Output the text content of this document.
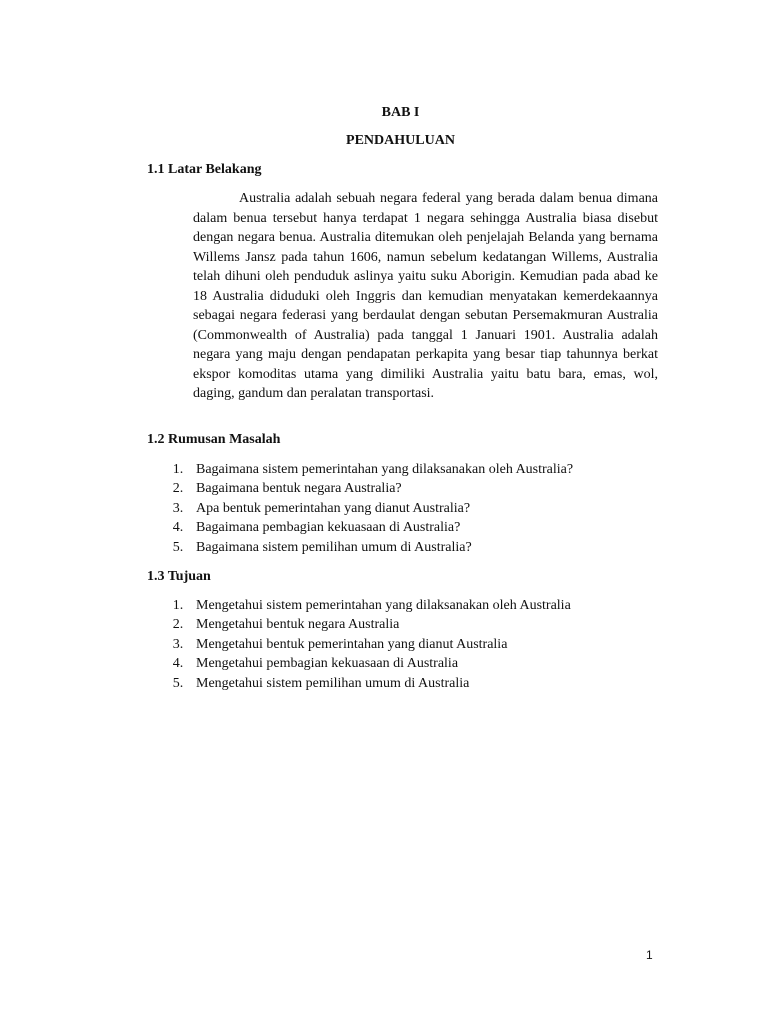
BAB I
PENDAHULUAN
1.1 Latar Belakang

Australia adalah sebuah negara federal yang berada dalam benua dimana dalam benua tersebut hanya terdapat 1 negara sehingga Australia biasa disebut dengan negara benua. Australia ditemukan oleh penjelajah Belanda yang bernama Willems Jansz pada tahun 1606, namun sebelum kedatangan Willems, Australia telah dihuni oleh penduduk aslinya yaitu suku Aborigin. Kemudian pada abad ke 18 Australia diduduki oleh Inggris dan kemudian menyatakan kemerdekaannya sebagai negara federasi yang berdaulat dengan sebutan Persemakmuran Australia (Commonwealth of Australia) pada tanggal 1 Januari 1901. Australia adalah negara yang maju dengan pendapatan perkapita yang besar tiap tahunnya berkat ekspor komoditas utama yang dimiliki Australia yaitu batu bara, emas, wol, daging, gandum dan peralatan transportasi.

1.2 Rumusan Masalah
1. Bagaimana sistem pemerintahan yang dilaksanakan oleh Australia?
2. Bagaimana bentuk negara Australia?
3. Apa bentuk pemerintahan yang dianut Australia?
4. Bagaimana pembagian kekuasaan di Australia?
5. Bagaimana sistem pemilihan umum di Australia?
1.3 Tujuan
1. Mengetahui sistem pemerintahan yang dilaksanakan oleh Australia
2. Mengetahui bentuk negara Australia
3. Mengetahui bentuk pemerintahan yang dianut Australia
4. Mengetahui pembagian kekuasaan di Australia
5. Mengetahui sistem pemilihan umum di Australia

1
